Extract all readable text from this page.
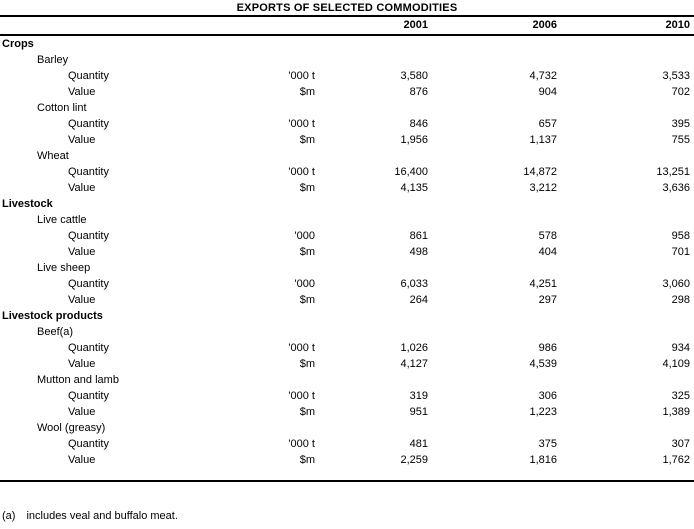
EXPORTS OF SELECTED COMMODITIES
		2001	2006	2010
Crops				
Barley				
Quantity	'000 t	3,580	4,732	3,533
Value	$m	876	904	702
Cotton lint				
Quantity	'000 t	846	657	395
Value	$m	1,956	1,137	755
Wheat				
Quantity	'000 t	16,400	14,872	13,251
Value	$m	4,135	3,212	3,636
Livestock				
Live cattle				
Quantity	'000	861	578	958
Value	$m	498	404	701
Live sheep				
Quantity	'000	6,033	4,251	3,060
Value	$m	264	297	298
Livestock products				
Beef(a)				
Quantity	'000 t	1,026	986	934
Value	$m	4,127	4,539	4,109
Mutton and lamb				
Quantity	'000 t	319	306	325
Value	$m	951	1,223	1,389
Wool (greasy)				
Quantity	'000 t	481	375	307
Value	$m	2,259	1,816	1,762
(a) includes veal and buffalo meat.
